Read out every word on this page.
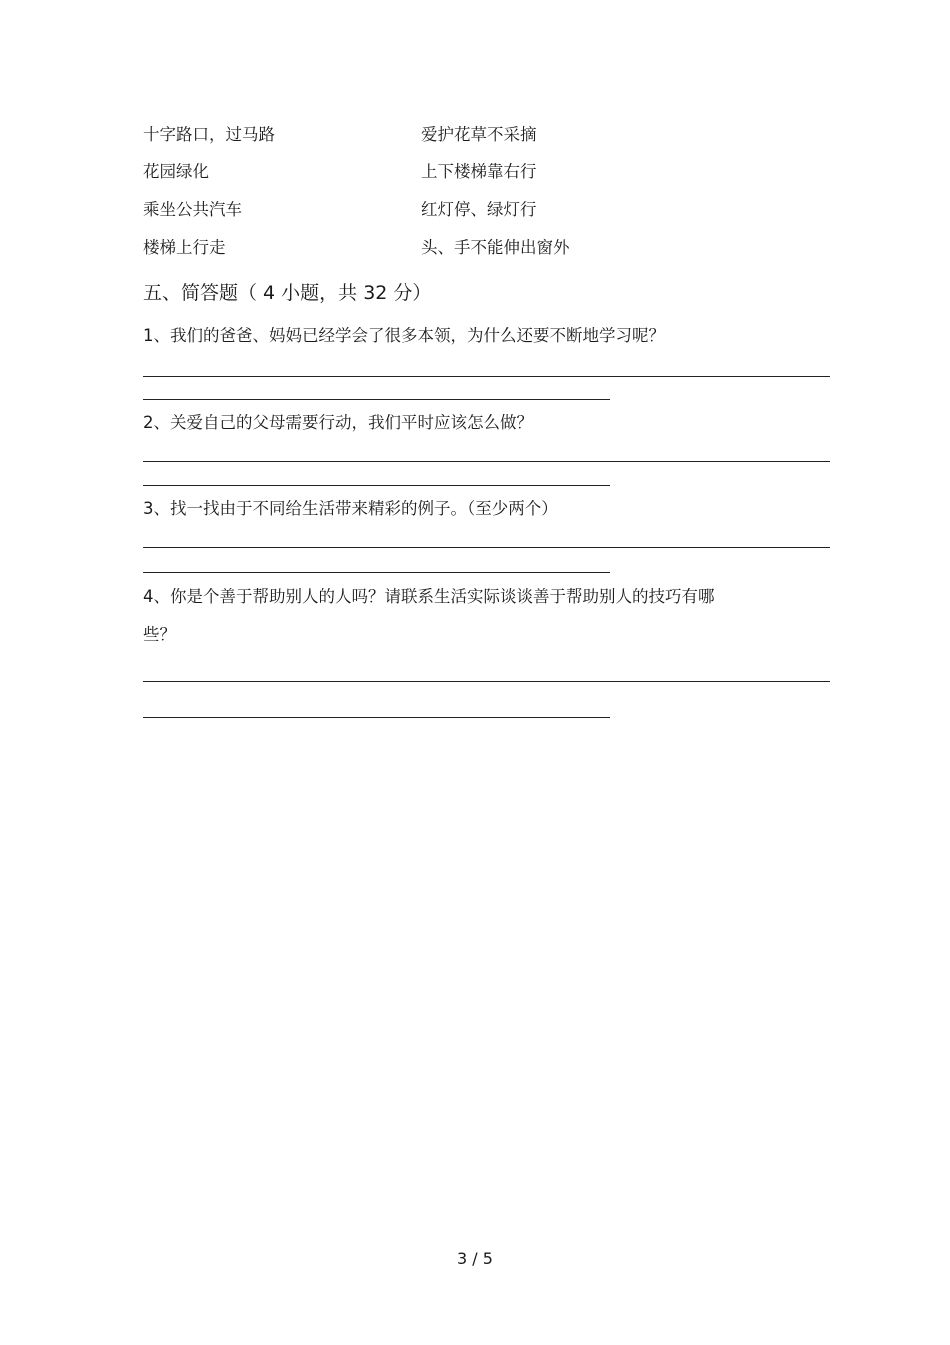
十字路口，过马路	爱护花草不采摘
花园绿化	上下楼梯靠右行
乘坐公共汽车	红灯停、绿灯行
楼梯上行走	头、手不能伸出窗外
五、简答题（ 4 小题，共 32 分）
1、我们的爸爸、妈妈已经学会了很多本领，为什么还要不断地学习呢？
2、关爱自己的父母需要行动，我们平时应该怎么做？
3、找一找由于不同给生活带来精彩的例子。（至少两个）
4、你是个善于帮助别人的人吗？请联系生活实际谈谈善于帮助别人的技巧有哪
些？
3 / 5
